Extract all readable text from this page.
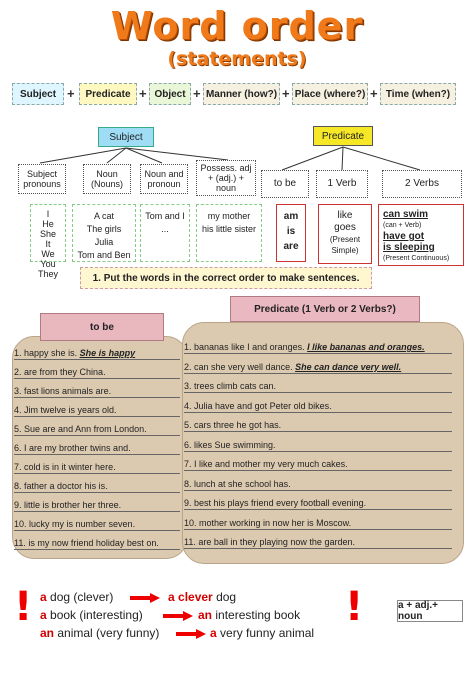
Word order
(statements)
Subject +	Predicate + Object + Manner (how?) + Place (where?) + Time (when?)
Subject	Predicate
Subject pronouns
Noun (Nouns)
Noun and pronoun
Possess. adj + (adj.) + noun	to be	1 Verb	2 Verbs
I
He
She
It
We
You
They
A cat
The girls
Julia
Tom and Ben
Tom and I
...
my mother
his little sister
am
is
are
like
goes
(Present Simple)
can swim
(can + Verb)
have got
is sleeping
(Present Continuous)
1. Put the words in the correct order to make sentences.
to be
1. happy she is. She is happy
2. are from they China.
3. fast lions animals are.
4. Jim twelve is years old.
5. Sue are and Ann from London.
6. I are my brother twins and.
7. cold is in it winter here.
8. father a doctor his is.
9. little is brother her three.
10. lucky my is number seven.
11. is my now friend holiday best on.
Predicate (1 Verb or 2 Verbs?)
1. bananas like I and oranges. I like bananas and oranges.
2. can she very well dance. She can dance very well.
3. trees climb cats can.
4. Julia have and got Peter old bikes.
5. cars three he got has.
6. likes Sue swimming.
7. I like and mother my very much cakes.
8. lunch at she school has.
9. best his plays friend every football evening.
10. mother working in now her is Moscow.
11. are ball in they playing now the garden.
!	!
a dog (clever)	a clever dog
a book (interesting)	an interesting book
an animal (very funny)	a very funny animal
a + adj.+ noun
